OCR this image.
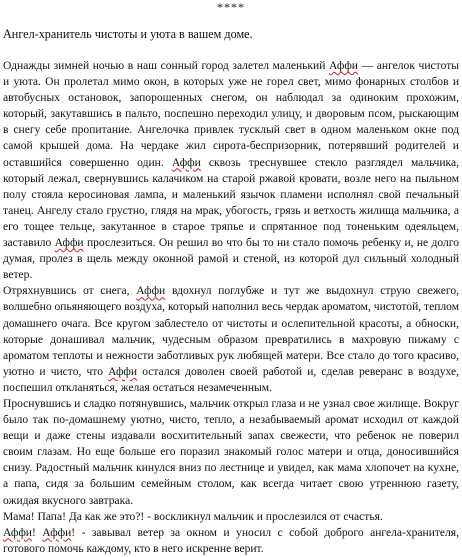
****
Ангел-хранитель чистоты и уюта в вашем доме.

Однажды зимней ночью в наш сонный город залетел маленький Аффи — ангелок чистоты и уюта. Он пролетал мимо окон, в которых уже не горел свет, мимо фонарных столбов и автобусных остановок, запорошенных снегом, он наблюдал за одиноким прохожим, который, закутавшись в пальто, поспешно переходил улицу, и дворовым псом, рыскающим в снегу себе пропитание. Ангелочка привлек тусклый свет в одном маленьком окне под самой крышей дома. На чердаке жил сирота-беспризорник, потерявший родителей и оставшийся совершенно один. Аффи сквозь треснувшее стекло разглядел мальчика, который лежал, свернувшись калачиком на старой ржавой кровати, возле него на пыльном полу стояла керосиновая лампа, и маленький язычок пламени исполнял свой печальный танец. Ангелу стало грустно, глядя на мрак, убогость, грязь и ветхость жилища мальчика, а его тощее тельце, закутанное в старое тряпье и спрятанное под тоненьким одеяльцем, заставило Аффи прослезиться. Он решил во что бы то ни стало помочь ребенку и, не долго думая, пролез в щель между оконной рамой и стеной, из которой дул сильный холодный ветер.

Отряхнувшись от снега, Аффи вдохнул поглубже и тут же выдохнул струю свежего, волшебно опьяняющего воздуха, который наполнил весь чердак ароматом, чистотой, теплом домашнего очага. Все кругом заблестело от чистоты и ослепительной красоты, а обноски, которые донашивал мальчик, чудесным образом превратились в махровую пижаму с ароматом теплоты и нежности заботливых рук любящей матери. Все стало до того красиво, уютно и чисто, что Аффи остался доволен своей работой и, сделав реверанс в воздухе, поспешил откланяться, желая остаться незамеченным.

Проснувшись и сладко потянувшись, мальчик открыл глаза и не узнал свое жилище. Вокруг было так по-домашнему уютно, чисто, тепло, а незабываемый аромат исходил от каждой вещи и даже стены издавали восхитительный запах свежести, что ребенок не поверил своим глазам. Но еще больше его поразил знакомый голос матери и отца, доносившийся снизу. Радостный мальчик кинулся вниз по лестнице и увидел, как мама хлопочет на кухне, а папа, сидя за большим семейным столом, как всегда читает свою утреннюю газету, ожидая вкусного завтрака.

Мама! Папа! Да как же это?! - воскликнул мальчик и прослезился от счастья.

Аффи! Аффи! - завывал ветер за окном и уносил с собой доброго ангела-хранителя, готового помочь каждому, кто в него искренне верит.
